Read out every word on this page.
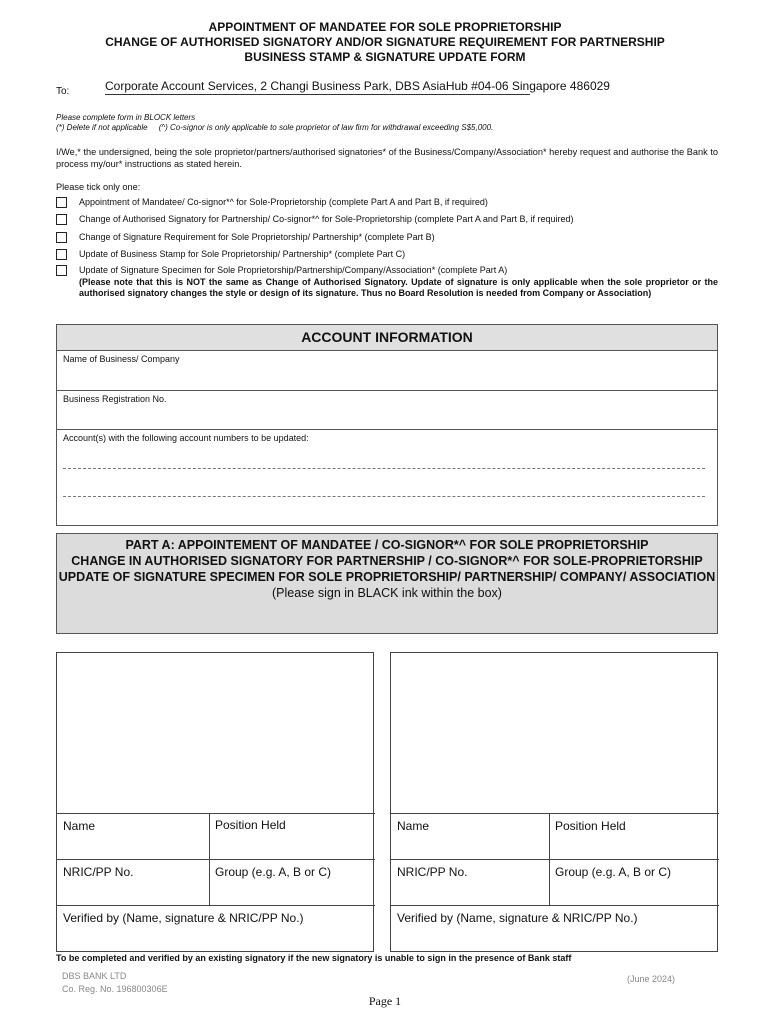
APPOINTMENT OF MANDATEE FOR SOLE PROPRIETORSHIP
CHANGE OF AUTHORISED SIGNATORY AND/OR SIGNATURE REQUIREMENT FOR PARTNERSHIP
BUSINESS STAMP & SIGNATURE UPDATE FORM
To:	Corporate Account Services, 2 Changi Business Park, DBS AsiaHub #04-06 Singapore 486029
Please complete form in BLOCK letters
(*) Delete if not applicable     (^) Co-signor is only applicable to sole proprietor of law firm for withdrawal exceeding S$5,000.
I/We,* the undersigned, being the sole proprietor/partners/authorised signatories* of the Business/Company/Association* hereby request and authorise the Bank to process my/our* instructions as stated herein.
Please tick only one:
Appointment of Mandatee/ Co-signor*^ for Sole-Proprietorship (complete Part A and Part B, if required)
Change of Authorised Signatory for Partnership/ Co-signor*^ for Sole-Proprietorship (complete Part A and Part B, if required)
Change of Signature Requirement for Sole Proprietorship/ Partnership* (complete Part B)
Update of Business Stamp for Sole Proprietorship/ Partnership* (complete Part C)
Update of Signature Specimen for Sole Proprietorship/Partnership/Company/Association* (complete Part A)
(Please note that this is NOT the same as Change of Authorised Signatory. Update of signature is only applicable when the sole proprietor or the authorised signatory changes the style or design of its signature. Thus no Board Resolution is needed from Company or Association)
ACCOUNT INFORMATION
Name of Business/ Company
Business Registration No.
Account(s) with the following account numbers to be updated:
PART A: APPOINTEMENT OF MANDATEE / CO-SIGNOR*^ FOR SOLE PROPRIETORSHIP
CHANGE IN AUTHORISED SIGNATORY FOR PARTNERSHIP / CO-SIGNOR*^ FOR SOLE-PROPRIETORSHIP
UPDATE OF SIGNATURE SPECIMEN FOR SOLE PROPRIETORSHIP/ PARTNERSHIP/ COMPANY/ ASSOCIATION
(Please sign in BLACK ink within the box)
Name	Position Held
NRIC/PP No.	Group (e.g. A, B or C)
Verified by (Name, signature & NRIC/PP No.)
Name	Position Held
NRIC/PP No.	Group (e.g. A, B or C)
Verified by (Name, signature & NRIC/PP No.)
To be completed and verified by an existing signatory if the new signatory is unable to sign in the presence of Bank staff
DBS BANK LTD
Co. Reg. No. 196800306E
(June 2024)
Page 1
